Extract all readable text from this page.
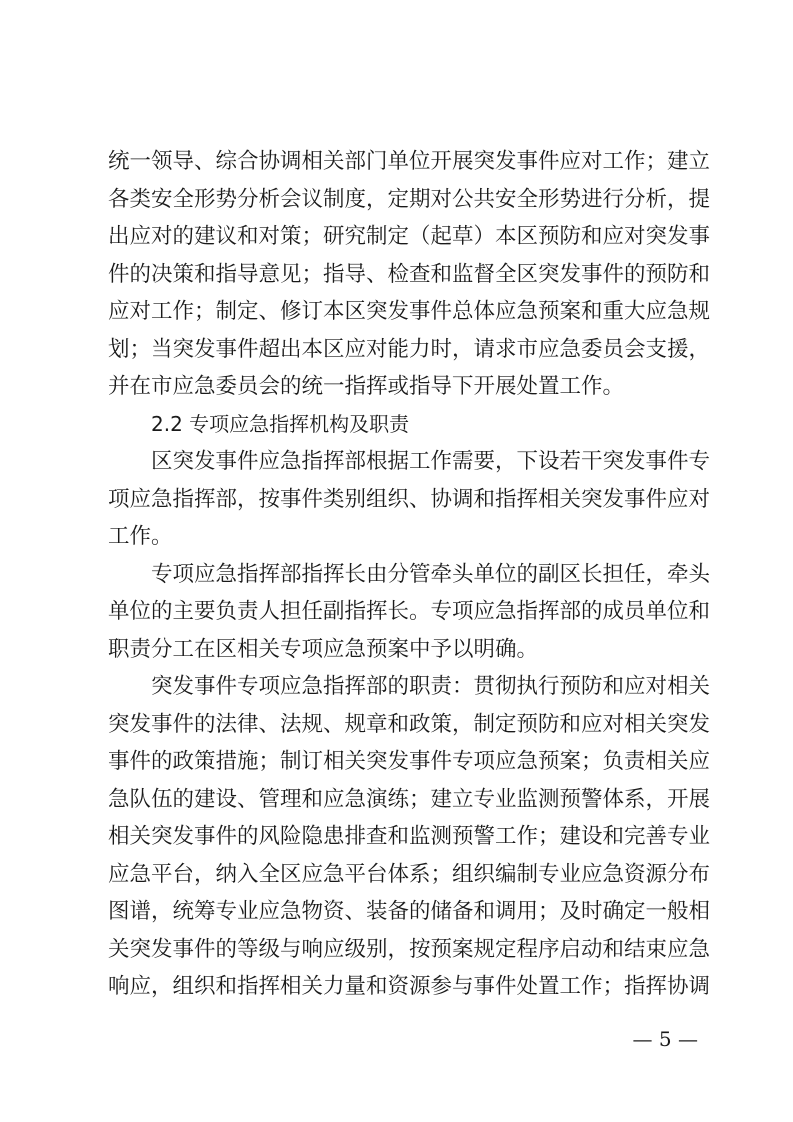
统一领导、综合协调相关部门单位开展突发事件应对工作；建立
各类安全形势分析会议制度，定期对公共安全形势进行分析，提
出应对的建议和对策；研究制定（起草）本区预防和应对突发事
件的决策和指导意见；指导、检查和监督全区突发事件的预防和
应对工作；制定、修订本区突发事件总体应急预案和重大应急规
划；当突发事件超出本区应对能力时，请求市应急委员会支援，
并在市应急委员会的统一指挥或指导下开展处置工作。
2.2 专项应急指挥机构及职责
区突发事件应急指挥部根据工作需要，下设若干突发事件专
项应急指挥部，按事件类别组织、协调和指挥相关突发事件应对
工作。
专项应急指挥部指挥长由分管牵头单位的副区长担任，牵头
单位的主要负责人担任副指挥长。专项应急指挥部的成员单位和
职责分工在区相关专项应急预案中予以明确。
突发事件专项应急指挥部的职责：贯彻执行预防和应对相关
突发事件的法律、法规、规章和政策，制定预防和应对相关突发
事件的政策措施；制订相关突发事件专项应急预案；负责相关应
急队伍的建设、管理和应急演练；建立专业监测预警体系，开展
相关突发事件的风险隐患排查和监测预警工作；建设和完善专业
应急平台，纳入全区应急平台体系；组织编制专业应急资源分布
图谱，统筹专业应急物资、装备的储备和调用；及时确定一般相
关突发事件的等级与响应级别，按预案规定程序启动和结束应急
响应，组织和指挥相关力量和资源参与事件处置工作；指挥协调
— 5 —
